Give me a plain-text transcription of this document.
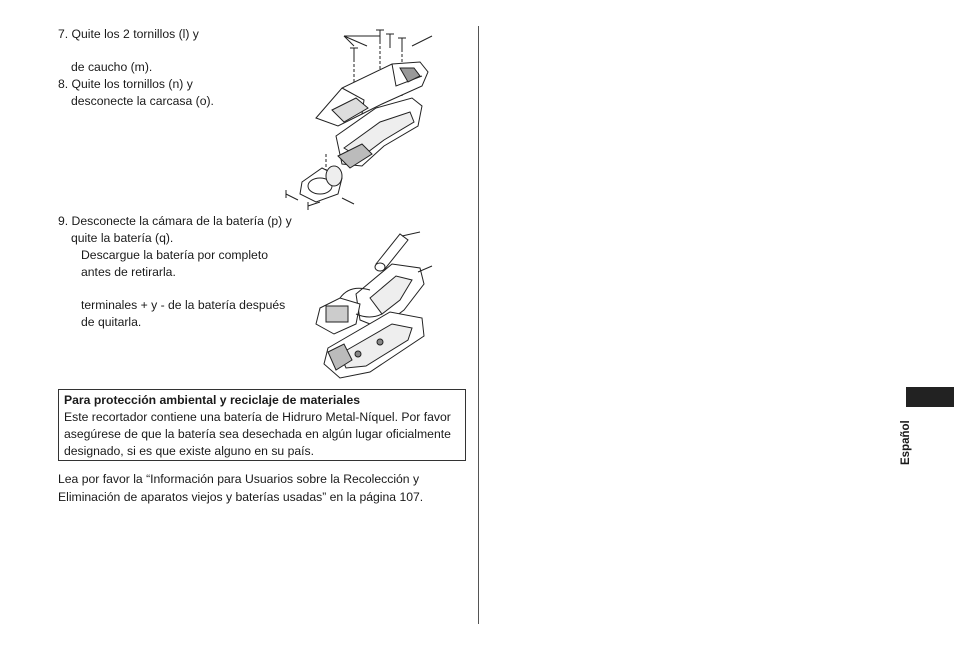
7. Quite los 2 tornillos (l) y
de caucho (m).
8. Quite los tornillos (n) y
desconecte la carcasa (o).
9. Desconecte la cámara de la batería (p) y
quite la batería (q).
Descargue la batería por completo
antes de retirarla.
terminales + y - de la batería después
de quitarla.
Para protección ambiental y reciclaje de materiales
Este recortador contiene una batería de Hidruro Metal-Níquel. Por favor
asegúrese de que la batería sea desechada en algún lugar oficialmente
designado, si es que existe alguno en su país.
Lea por favor la “Información para Usuarios sobre la Recolección y
Eliminación de aparatos viejos y baterías usadas” en la página 107.
Español
